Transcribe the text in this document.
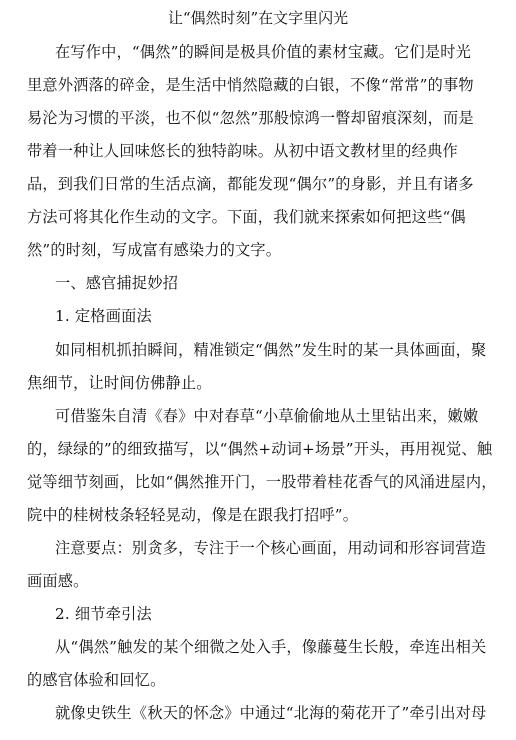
让“偶然时刻”在文字里闪光
在写作中，“偶然”的瞬间是极具价值的素材宝藏。它们是时光
里意外洒落的碎金，是生活中悄然隐藏的白银，不像“常常”的事物
易沦为习惯的平淡，也不似“忽然”那般惊鸿一瞥却留痕深刻，而是
带着一种让人回味悠长的独特韵味。从初中语文教材里的经典作
品，到我们日常的生活点滴，都能发现“偶尔”的身影，并且有诸多
方法可将其化作生动的文字。下面，我们就来探索如何把这些“偶
然”的时刻，写成富有感染力的文字。
一、感官捕捉妙招
1. 定格画面法
如同相机抓拍瞬间，精准锁定“偶然”发生时的某一具体画面，聚
焦细节，让时间仿佛静止。
可借鉴朱自清《春》中对春草“小草偷偷地从土里钻出来，嫩嫩
的，绿绿的”的细致描写，以“偶然+动词+场景”开头，再用视觉、触
觉等细节刻画，比如“偶然推开门，一股带着桂花香气的风涌进屋内，
院中的桂树枝条轻轻晃动，像是在跟我打招呼”。
注意要点：别贪多，专注于一个核心画面，用动词和形容词营造
画面感。
2. 细节牵引法
从“偶然”触发的某个细微之处入手，像藤蔓生长般，牵连出相关
的感官体验和回忆。
就像史铁生《秋天的怀念》中通过“北海的菊花开了”牵引出对母
